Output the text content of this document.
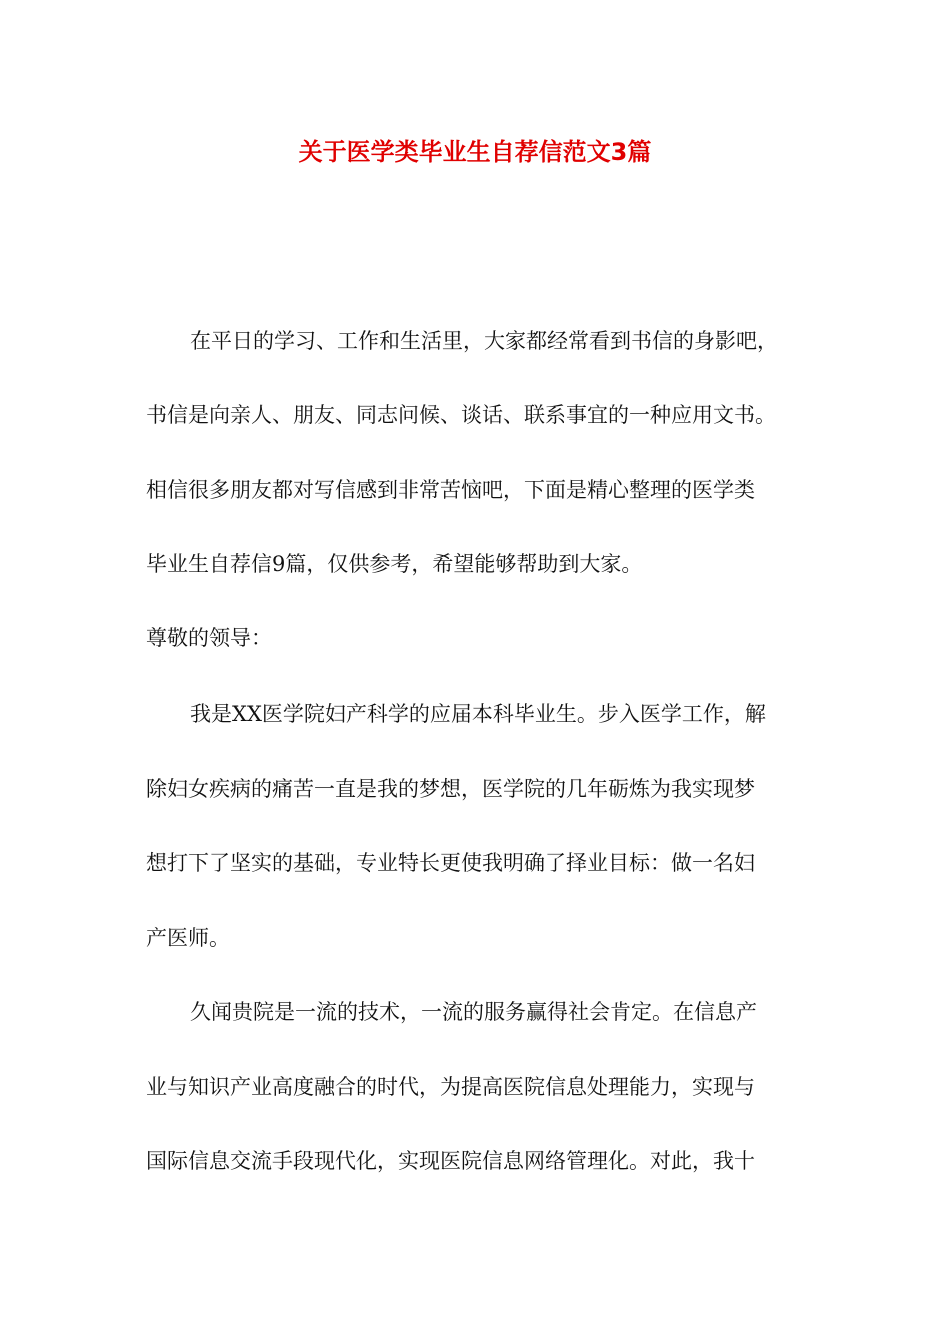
关于医学类毕业生自荐信范文3篇

在平日的学习、工作和生活里，大家都经常看到书信的身影吧，

书信是向亲人、朋友、同志问候、谈话、联系事宜的一种应用文书。

相信很多朋友都对写信感到非常苦恼吧，下面是精心整理的医学类

毕业生自荐信9篇，仅供参考，希望能够帮助到大家。

尊敬的领导：

我是XX医学院妇产科学的应届本科毕业生。步入医学工作，解

除妇女疾病的痛苦一直是我的梦想，医学院的几年砺炼为我实现梦

想打下了坚实的基础，专业特长更使我明确了择业目标：做一名妇

产医师。

久闻贵院是一流的技术，一流的服务赢得社会肯定。在信息产

业与知识产业高度融合的时代，为提高医院信息处理能力，实现与

国际信息交流手段现代化，实现医院信息网络管理化。对此，我十
